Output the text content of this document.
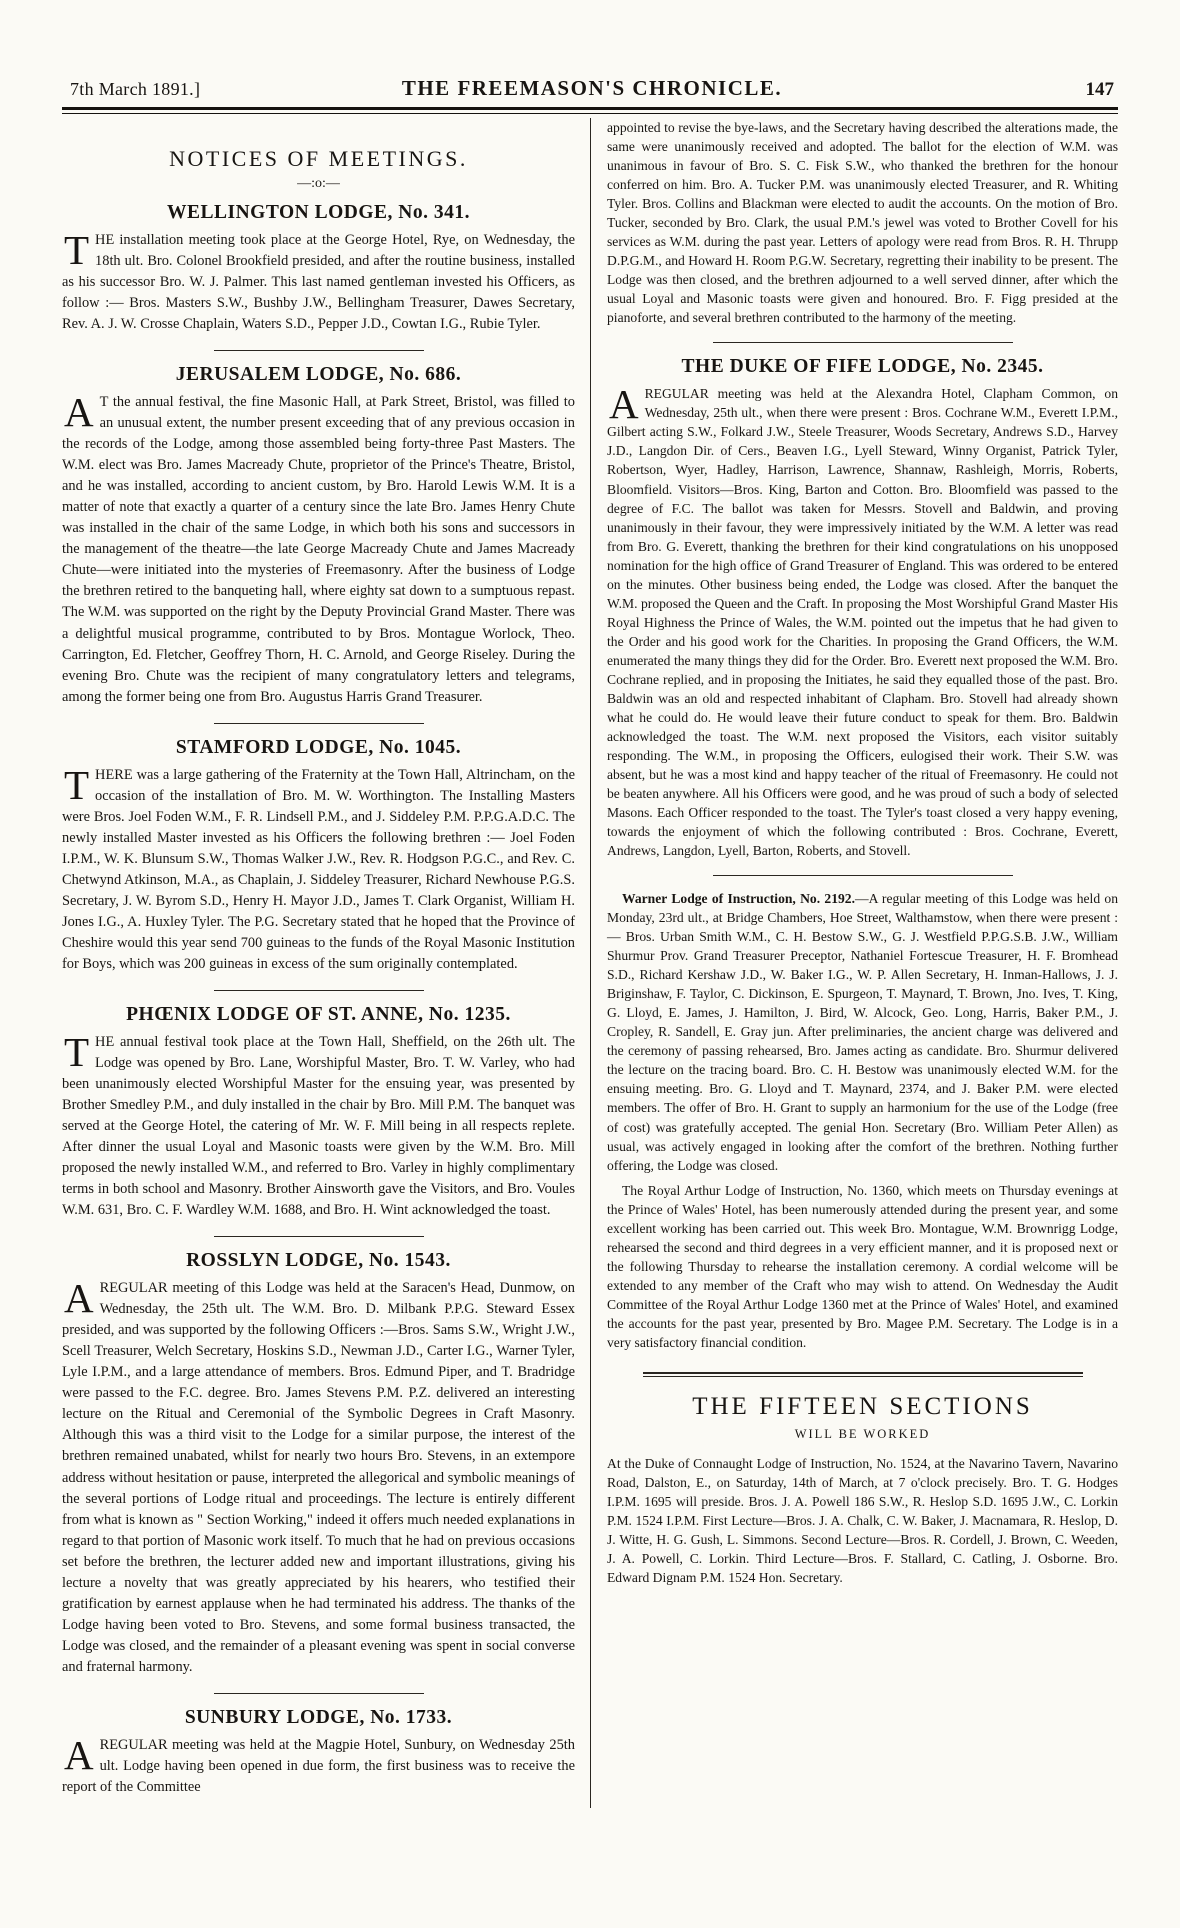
7th March 1891.]	THE FREEMASON'S CHRONICLE.	147
NOTICES OF MEETINGS.
—:o:—
WELLINGTON LODGE, No. 341.

THE installation meeting took place at the George Hotel, Rye, on Wednesday, the 18th ult. Bro. Colonel Brookfield presided, and after the routine business, installed as his successor Bro. W. J. Palmer. This last named gentleman invested his Officers, as follow :— Bros. Masters S.W., Bushby J.W., Bellingham Treasurer, Dawes Secretary, Rev. A. J. W. Crosse Chaplain, Waters S.D., Pepper J.D., Cowtan I.G., Rubie Tyler.

JERUSALEM LODGE, No. 686.

A T the annual festival, the fine Masonic Hall, at Park Street, Bristol, was filled to an unusual extent, the number present exceeding that of any previous occasion in the records of the Lodge, among those assembled being forty-three Past Masters. The W.M. elect was Bro. James Macready Chute, proprietor of the Prince's Theatre, Bristol, and he was installed, according to ancient custom, by Bro. Harold Lewis W.M. It is a matter of note that exactly a quarter of a century since the late Bro. James Henry Chute was installed in the chair of the same Lodge, in which both his sons and successors in the management of the theatre—the late George Macready Chute and James Macready Chute—were initiated into the mysteries of Freemasonry. After the business of Lodge the brethren retired to the banqueting hall, where eighty sat down to a sumptuous repast. The W.M. was supported on the right by the Deputy Provincial Grand Master. There was a delightful musical programme, contributed to by Bros. Montague Worlock, Theo. Carrington, Ed. Fletcher, Geoffrey Thorn, H. C. Arnold, and George Riseley. During the evening Bro. Chute was the recipient of many congratulatory letters and telegrams, among the former being one from Bro. Augustus Harris Grand Treasurer.

STAMFORD LODGE, No. 1045.

THERE was a large gathering of the Fraternity at the Town Hall, Altrincham, on the occasion of the installation of Bro. M. W. Worthington. The Installing Masters were Bros. Joel Foden W.M., F. R. Lindsell P.M., and J. Siddeley P.M. P.P.G.A.D.C. The newly installed Master invested as his Officers the following brethren :— Joel Foden I.P.M., W. K. Blunsum S.W., Thomas Walker J.W., Rev. R. Hodgson P.G.C., and Rev. C. Chetwynd Atkinson, M.A., as Chaplain, J. Siddeley Treasurer, Richard Newhouse P.G.S. Secretary, J. W. Byrom S.D., Henry H. Mayor J.D., James T. Clark Organist, William H. Jones I.G., A. Huxley Tyler. The P.G. Secretary stated that he hoped that the Province of Cheshire would this year send 700 guineas to the funds of the Royal Masonic Institution for Boys, which was 200 guineas in excess of the sum originally contemplated.

PHŒNIX LODGE OF ST. ANNE, No. 1235.

THE annual festival took place at the Town Hall, Sheffield, on the 26th ult. The Lodge was opened by Bro. Lane, Worshipful Master, Bro. T. W. Varley, who had been unanimously elected Worshipful Master for the ensuing year, was presented by Brother Smedley P.M., and duly installed in the chair by Bro. Mill P.M. The banquet was served at the George Hotel, the catering of Mr. W. F. Mill being in all respects replete. After dinner the usual Loyal and Masonic toasts were given by the W.M. Bro. Mill proposed the newly installed W.M., and referred to Bro. Varley in highly complimentary terms in both school and Masonry. Brother Ainsworth gave the Visitors, and Bro. Voules W.M. 631, Bro. C. F. Wardley W.M. 1688, and Bro. H. Wint acknowledged the toast.

ROSSLYN LODGE, No. 1543.

AREGULAR meeting of this Lodge was held at the Saracen's Head, Dunmow, on Wednesday, the 25th ult. The W.M. Bro. D. Milbank P.P.G. Steward Essex presided, and was supported by the following Officers :—Bros. Sams S.W., Wright J.W., Scell Treasurer, Welch Secretary, Hoskins S.D., Newman J.D., Carter I.G., Warner Tyler, Lyle I.P.M., and a large attendance of members. Bros. Edmund Piper, and T. Bradridge were passed to the F.C. degree. Bro. James Stevens P.M. P.Z. delivered an interesting lecture on the Ritual and Ceremonial of the Symbolic Degrees in Craft Masonry. Although this was a third visit to the Lodge for a similar purpose, the interest of the brethren remained unabated, whilst for nearly two hours Bro. Stevens, in an extempore address without hesitation or pause, interpreted the allegorical and symbolic meanings of the several portions of Lodge ritual and proceedings. The lecture is entirely different from what is known as " Section Working," indeed it offers much needed explanations in regard to that portion of Masonic work itself. To much that he had on previous occasions set before the brethren, the lecturer added new and important illustrations, giving his lecture a novelty that was greatly appreciated by his hearers, who testified their gratification by earnest applause when he had terminated his address. The thanks of the Lodge having been voted to Bro. Stevens, and some formal business transacted, the Lodge was closed, and the remainder of a pleasant evening was spent in social converse and fraternal harmony.

SUNBURY LODGE, No. 1733.

AREGULAR meeting was held at the Magpie Hotel, Sunbury, on Wednesday 25th ult. Lodge having been opened in due form, the first business was to receive the report of the Committee

appointed to revise the bye-laws, and the Secretary having described the alterations made, the same were unanimously received and adopted. The ballot for the election of W.M. was unanimous in favour of Bro. S. C. Fisk S.W., who thanked the brethren for the honour conferred on him. Bro. A. Tucker P.M. was unanimously elected Treasurer, and R. Whiting Tyler. Bros. Collins and Blackman were elected to audit the accounts. On the motion of Bro. Tucker, seconded by Bro. Clark, the usual P.M.'s jewel was voted to Brother Covell for his services as W.M. during the past year. Letters of apology were read from Bros. R. H. Thrupp D.P.G.M., and Howard H. Room P.G.W. Secretary, regretting their inability to be present. The Lodge was then closed, and the brethren adjourned to a well served dinner, after which the usual Loyal and Masonic toasts were given and honoured. Bro. F. Figg presided at the pianoforte, and several brethren contributed to the harmony of the meeting.

THE DUKE OF FIFE LODGE, No. 2345.

AREGULAR meeting was held at the Alexandra Hotel, Clapham Common, on Wednesday, 25th ult., when there were present : Bros. Cochrane W.M., Everett I.P.M., Gilbert acting S.W., Folkard J.W., Steele Treasurer, Woods Secretary, Andrews S.D., Harvey J.D., Langdon Dir. of Cers., Beaven I.G., Lyell Steward, Winny Organist, Patrick Tyler, Robertson, Wyer, Hadley, Harrison, Lawrence, Shannaw, Rashleigh, Morris, Roberts, Bloomfield. Visitors—Bros. King, Barton and Cotton. Bro. Bloomfield was passed to the degree of F.C. The ballot was taken for Messrs. Stovell and Baldwin, and proving unanimously in their favour, they were impressively initiated by the W.M. A letter was read from Bro. G. Everett, thanking the brethren for their kind congratulations on his unopposed nomination for the high office of Grand Treasurer of England. This was ordered to be entered on the minutes. Other business being ended, the Lodge was closed. After the banquet the W.M. proposed the Queen and the Craft. In proposing the Most Worshipful Grand Master His Royal Highness the Prince of Wales, the W.M. pointed out the impetus that he had given to the Order and his good work for the Charities. In proposing the Grand Officers, the W.M. enumerated the many things they did for the Order. Bro. Everett next proposed the W.M. Bro. Cochrane replied, and in proposing the Initiates, he said they equalled those of the past. Bro. Baldwin was an old and respected inhabitant of Clapham. Bro. Stovell had already shown what he could do. He would leave their future conduct to speak for them. Bro. Baldwin acknowledged the toast. The W.M. next proposed the Visitors, each visitor suitably responding. The W.M., in proposing the Officers, eulogised their work. Their S.W. was absent, but he was a most kind and happy teacher of the ritual of Freemasonry. He could not be beaten anywhere. All his Officers were good, and he was proud of such a body of selected Masons. Each Officer responded to the toast. The Tyler's toast closed a very happy evening, towards the enjoyment of which the following contributed : Bros. Cochrane, Everett, Andrews, Langdon, Lyell, Barton, Roberts, and Stovell.

Warner Lodge of Instruction, No. 2192.—A regular meeting of this Lodge was held on Monday, 23rd ult., at Bridge Chambers, Hoe Street, Walthamstow, when there were present :— Bros. Urban Smith W.M., C. H. Bestow S.W., G. J. Westfield P.P.G.S.B. J.W., William Shurmur Prov. Grand Treasurer Preceptor, Nathaniel Fortescue Treasurer, H. F. Bromhead S.D., Richard Kershaw J.D., W. Baker I.G., W. P. Allen Secretary, H. Inman-Hallows, J. J. Briginshaw, F. Taylor, C. Dickinson, E. Spurgeon, T. Maynard, T. Brown, Jno. Ives, T. King, G. Lloyd, E. James, J. Hamilton, J. Bird, W. Alcock, Geo. Long, Harris, Baker P.M., J. Cropley, R. Sandell, E. Gray jun. After preliminaries, the ancient charge was delivered and the ceremony of passing rehearsed, Bro. James acting as candidate. Bro. Shurmur delivered the lecture on the tracing board. Bro. C. H. Bestow was unanimously elected W.M. for the ensuing meeting. Bro. G. Lloyd and T. Maynard, 2374, and J. Baker P.M. were elected members. The offer of Bro. H. Grant to supply an harmonium for the use of the Lodge (free of cost) was gratefully accepted. The genial Hon. Secretary (Bro. William Peter Allen) as usual, was actively engaged in looking after the comfort of the brethren. Nothing further offering, the Lodge was closed.

The Royal Arthur Lodge of Instruction, No. 1360, which meets on Thursday evenings at the Prince of Wales' Hotel, has been numerously attended during the present year, and some excellent working has been carried out. This week Bro. Montague, W.M. Brownrigg Lodge, rehearsed the second and third degrees in a very efficient manner, and it is proposed next or the following Thursday to rehearse the installation ceremony. A cordial welcome will be extended to any member of the Craft who may wish to attend. On Wednesday the Audit Committee of the Royal Arthur Lodge 1360 met at the Prince of Wales' Hotel, and examined the accounts for the past year, presented by Bro. Magee P.M. Secretary. The Lodge is in a very satisfactory financial condition.

THE FIFTEEN SECTIONS
WILL BE WORKED

At the Duke of Connaught Lodge of Instruction, No. 1524, at the Navarino Tavern, Navarino Road, Dalston, E., on Saturday, 14th of March, at 7 o'clock precisely. Bro. T. G. Hodges I.P.M. 1695 will preside. Bros. J. A. Powell 186 S.W., R. Heslop S.D. 1695 J.W., C. Lorkin P.M. 1524 I.P.M. First Lecture—Bros. J. A. Chalk, C. W. Baker, J. Macnamara, R. Heslop, D. J. Witte, H. G. Gush, L. Simmons. Second Lecture—Bros. R. Cordell, J. Brown, C. Weeden, J. A. Powell, C. Lorkin. Third Lecture—Bros. F. Stallard, C. Catling, J. Osborne. Bro. Edward Dignam P.M. 1524 Hon. Secretary.
